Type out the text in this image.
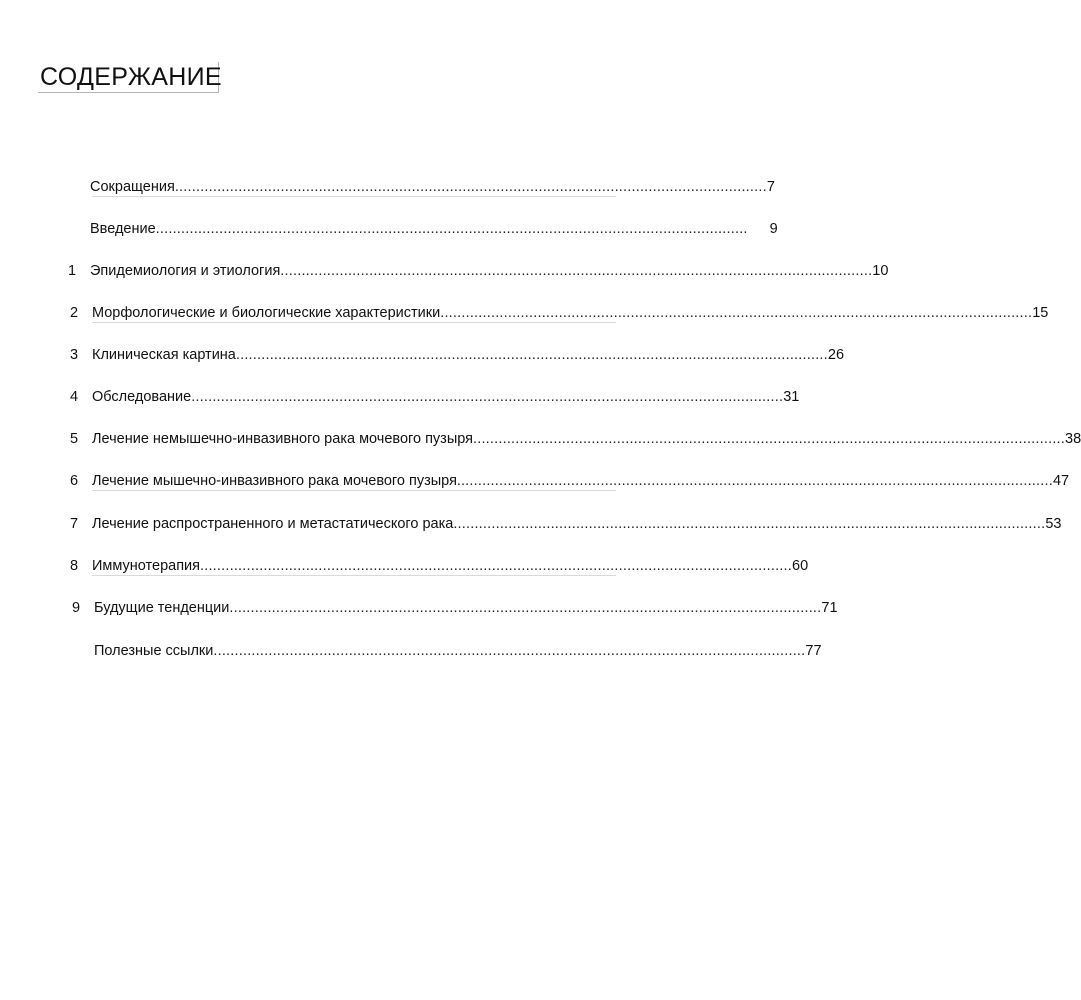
СОДЕРЖАНИЕ
Сокращения ............................................................................................................................................ 7
Введение ............................................................................................................................................ 9
1 Эпидемиология и этиология ............................................................................................................................................ 10
2 Морфологические и биологические характеристики ............................................................................................................................................ 15
3 Клиническая картина ............................................................................................................................................ 26
4 Обследование ............................................................................................................................................ 31
5 Лечение немышечно-инвазивного рака мочевого пузыря ............................................................................................................................................ 38
6 Лечение мышечно-инвазивного рака мочевого пузыря. ............................................................................................................................................ 47
7 Лечение распространенного и метастатического рака ............................................................................................................................................ 53
8 Иммунотерапия ............................................................................................................................................ 60
9 Будущие тенденции ............................................................................................................................................ 71
Полезные ссылки ............................................................................................................................................ 77
